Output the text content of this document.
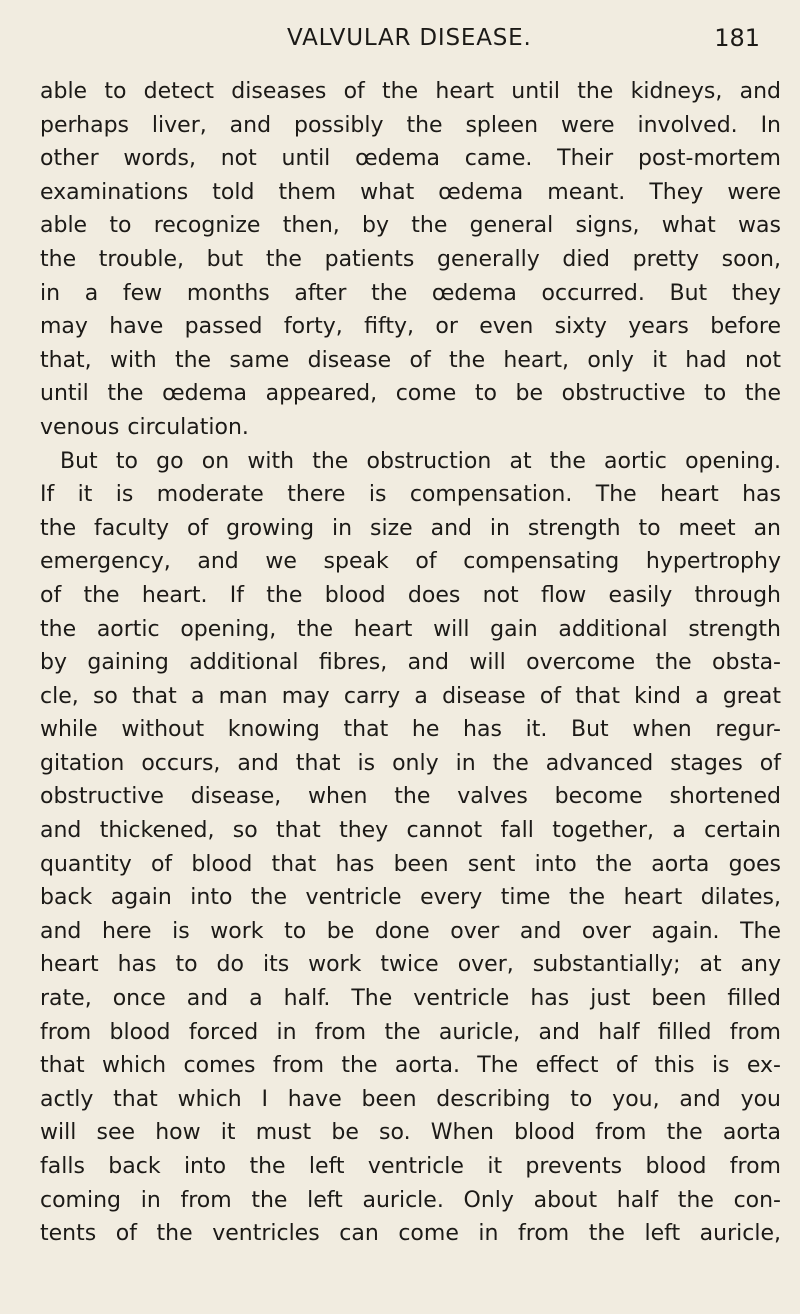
VALVULAR DISEASE.	181
able to detect diseases of the heart until the kidneys, and
perhaps liver, and possibly the spleen were involved. In
other words, not until œdema came. Their post-mortem
examinations told them what œdema meant. They were
able to recognize then, by the general signs, what was
the trouble, but the patients generally died pretty soon,
in a few months after the œdema occurred. But they
may have passed forty, fifty, or even sixty years before
that, with the same disease of the heart, only it had not
until the œdema appeared, come to be obstructive to the
venous circulation.
But to go on with the obstruction at the aortic opening.
If it is moderate there is compensation. The heart has
the faculty of growing in size and in strength to meet an
emergency, and we speak of compensating hypertrophy
of the heart. If the blood does not flow easily through
the aortic opening, the heart will gain additional strength
by gaining additional fibres, and will overcome the obsta-
cle, so that a man may carry a disease of that kind a great
while without knowing that he has it. But when regur-
gitation occurs, and that is only in the advanced stages of
obstructive disease, when the valves become shortened
and thickened, so that they cannot fall together, a certain
quantity of blood that has been sent into the aorta goes
back again into the ventricle every time the heart dilates,
and here is work to be done over and over again. The
heart has to do its work twice over, substantially; at any
rate, once and a half. The ventricle has just been filled
from blood forced in from the auricle, and half filled from
that which comes from the aorta. The effect of this is ex-
actly that which I have been describing to you, and you
will see how it must be so. When blood from the aorta
falls back into the left ventricle it prevents blood from
coming in from the left auricle. Only about half the con-
tents of the ventricles can come in from the left auricle,
